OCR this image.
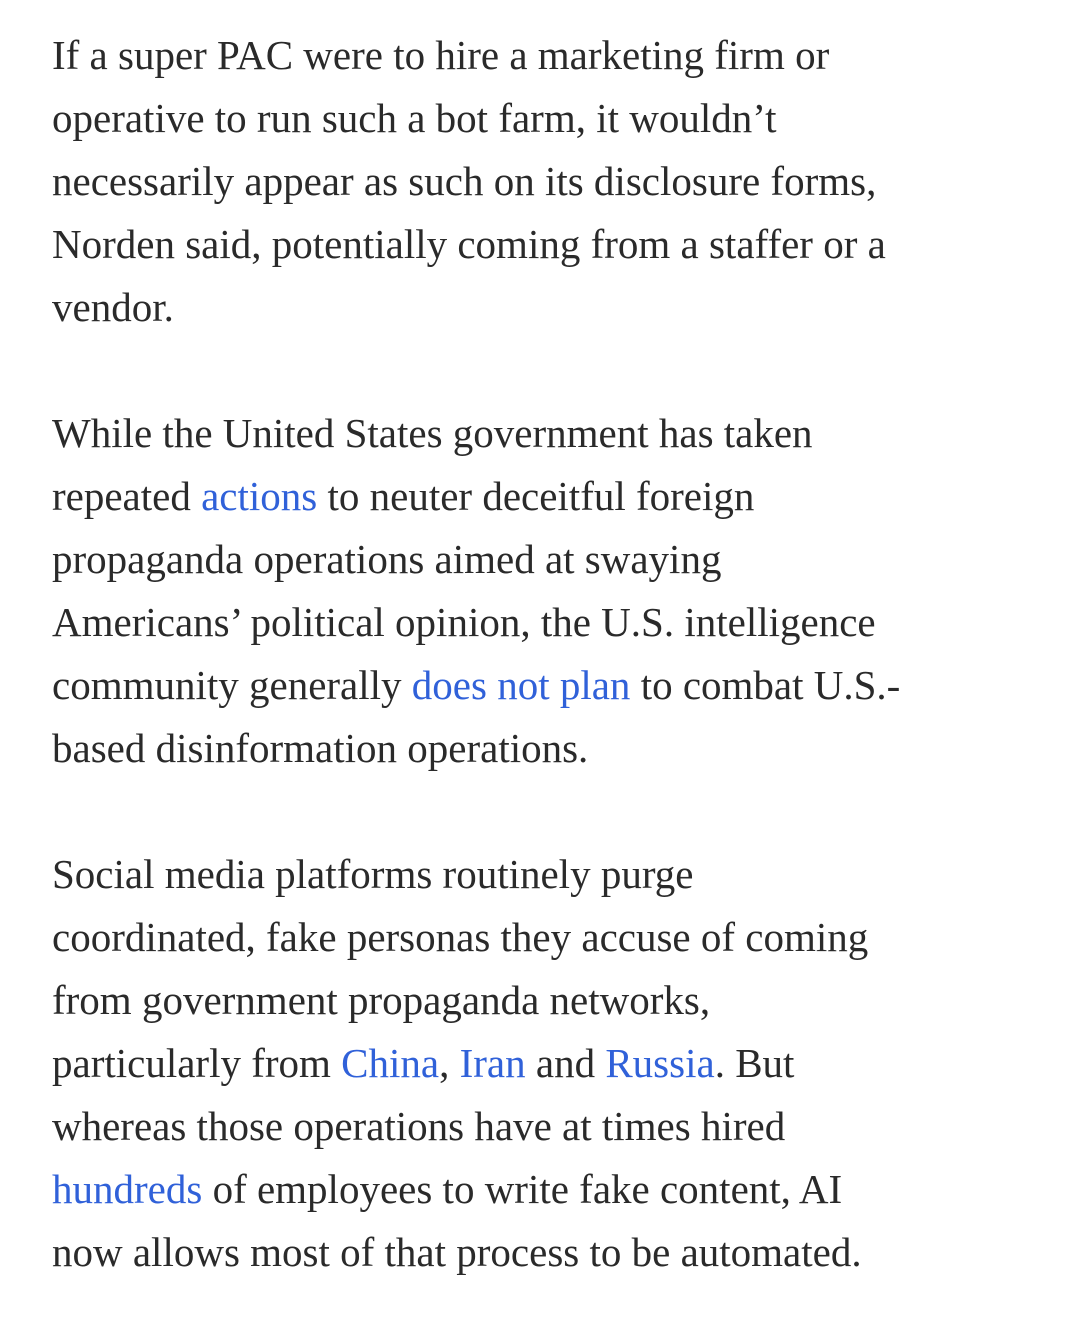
If a super PAC were to hire a marketing firm or
operative to run such a bot farm, it wouldn’t
necessarily appear as such on its disclosure forms,
Norden said, potentially coming from a staffer or a
vendor.

While the United States government has taken
repeated actions to neuter deceitful foreign
propaganda operations aimed at swaying
Americans’ political opinion, the U.S. intelligence
community generally does not plan to combat U.S.-
based disinformation operations.

Social media platforms routinely purge
coordinated, fake personas they accuse of coming
from government propaganda networks,
particularly from China, Iran and Russia. But
whereas those operations have at times hired
hundreds of employees to write fake content, AI
now allows most of that process to be automated.
